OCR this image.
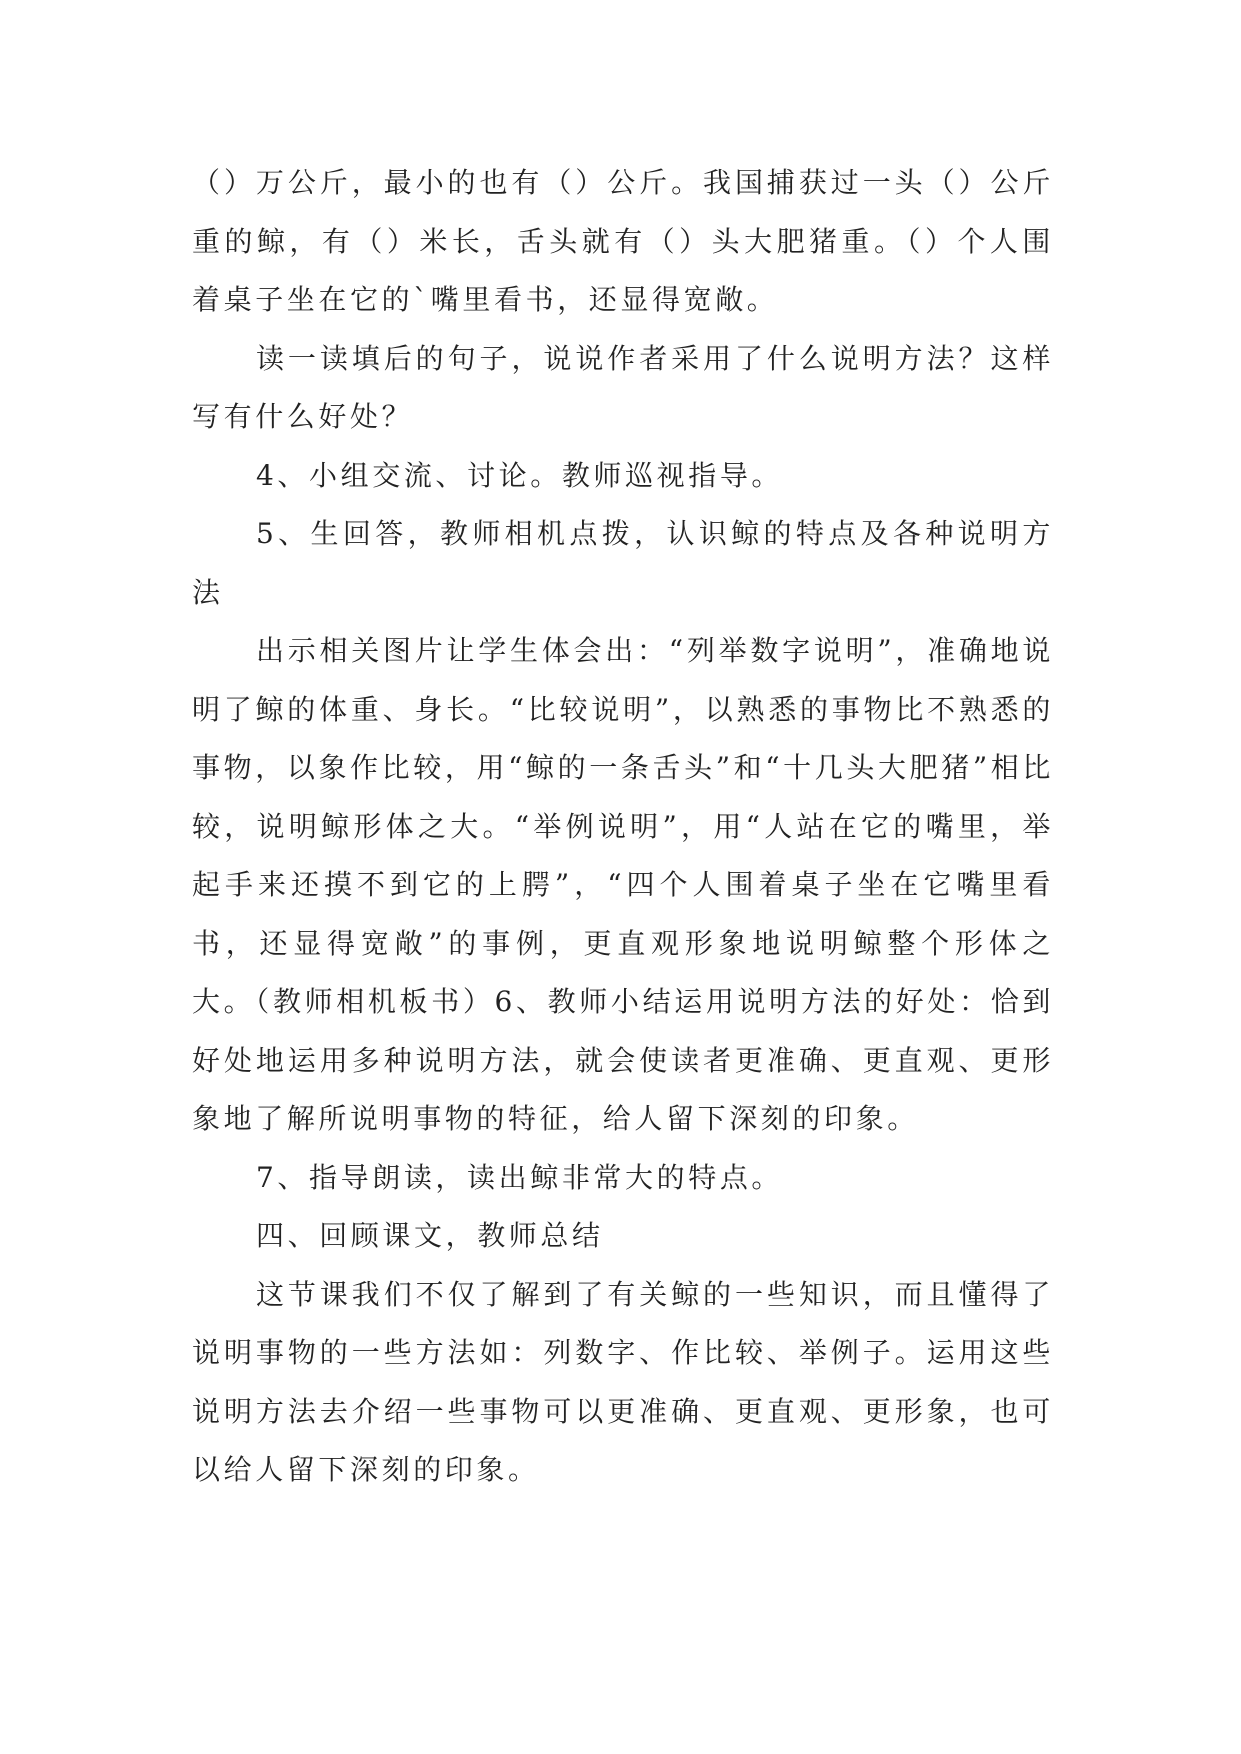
（）万公斤，最小的也有（）公斤。我国捕获过一头（）公斤重的鲸，有（）米长，舌头就有（）头大肥猪重。（）个人围着桌子坐在它的`嘴里看书，还显得宽敞。

读一读填后的句子，说说作者采用了什么说明方法？这样写有什么好处？

4、小组交流、讨论。教师巡视指导。

5、生回答，教师相机点拨，认识鲸的特点及各种说明方法

出示相关图片让学生体会出：“列举数字说明”，准确地说明了鲸的体重、身长。“比较说明”，以熟悉的事物比不熟悉的事物，以象作比较，用“鲸的一条舌头”和“十几头大肥猪”相比较，说明鲸形体之大。“举例说明”，用“人站在它的嘴里，举起手来还摸不到它的上腭”，“四个人围着桌子坐在它嘴里看书，还显得宽敞”的事例，更直观形象地说明鲸整个形体之大。（教师相机板书）6、教师小结运用说明方法的好处：恰到好处地运用多种说明方法，就会使读者更准确、更直观、更形象地了解所说明事物的特征，给人留下深刻的印象。

7、指导朗读，读出鲸非常大的特点。

四、回顾课文，教师总结

这节课我们不仅了解到了有关鲸的一些知识，而且懂得了说明事物的一些方法如：列数字、作比较、举例子。运用这些说明方法去介绍一些事物可以更准确、更直观、更形象，也可以给人留下深刻的印象。
